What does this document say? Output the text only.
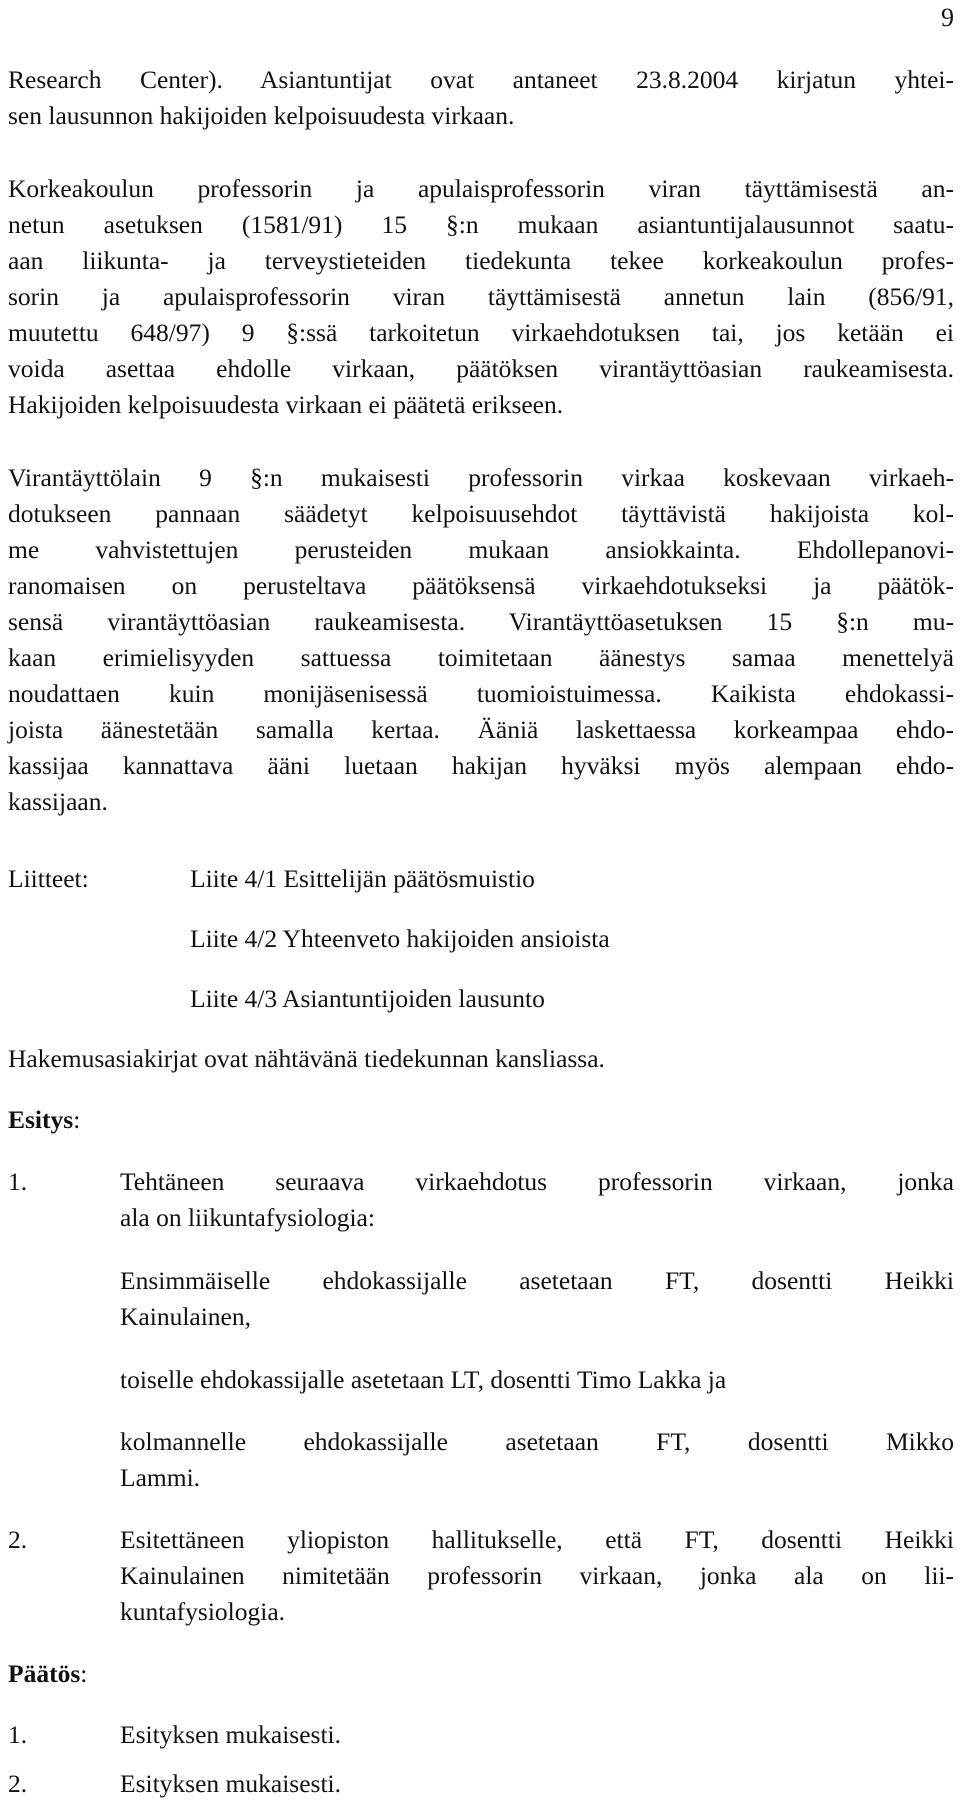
9
Research Center). Asiantuntijat ovat antaneet 23.8.2004 kirjatun yhtei-
sen lausunnon hakijoiden kelpoisuudesta virkaan.
Korkeakoulun professorin ja apulaisprofessorin viran täyttämisestä an-
netun asetuksen (1581/91) 15 §:n mukaan asiantuntijalausunnot saatu-
aan liikunta- ja terveystieteiden tiedekunta tekee korkeakoulun profes-
sorin ja apulaisprofessorin viran täyttämisestä annetun lain (856/91,
muutettu 648/97) 9 §:ssä tarkoitetun virkaehdotuksen tai, jos ketään ei
voida asettaa ehdolle virkaan, päätöksen virantäyttöasian raukeamisesta.
Hakijoiden kelpoisuudesta virkaan ei päätetä erikseen.
Virantäyttölain 9 §:n mukaisesti professorin virkaa koskevaan virkaeh-
dotukseen pannaan säädetyt kelpoisuusehdot täyttävistä hakijoista kol-
me vahvistettujen perusteiden mukaan ansiokkainta. Ehdollepanovi-
ranomaisen on perusteltava päätöksensä virkaehdotukseksi ja päätök-
sensä virantäyttöasian raukeamisesta. Virantäyttöasetuksen 15 §:n mu-
kaan erimielisyyden sattuessa toimitetaan äänestys samaa menettelyä
noudattaen kuin monijäsenisessä tuomioistuimessa. Kaikista ehdokassi-
joista äänestetään samalla kertaa. Ääniä laskettaessa korkeampaa ehdo-
kassijaa kannattava ääni luetaan hakijan hyväksi myös alempaan ehdo-
kassijaan.
Liitteet:	Liite 4/1 Esittelijän päätösmuistio
Liite 4/2 Yhteenveto hakijoiden ansioista
Liite 4/3 Asiantuntijoiden lausunto
Hakemusasiakirjat ovat nähtävänä tiedekunnan kansliassa.
Esitys:
1.	Tehtäneen seuraava virkaehdotus professorin virkaan, jonka
ala on liikuntafysiologia:
Ensimmäiselle ehdokassijalle asetetaan FT, dosentti Heikki
Kainulainen,
toiselle ehdokassijalle asetetaan LT, dosentti Timo Lakka ja
kolmannelle ehdokassijalle asetetaan FT, dosentti Mikko
Lammi.
2.	Esitettäneen yliopiston hallitukselle, että FT, dosentti Heikki
Kainulainen nimitetään professorin virkaan, jonka ala on lii-
kuntafysiologia.
Päätös:
1.	Esityksen mukaisesti.
2.	Esityksen mukaisesti.
